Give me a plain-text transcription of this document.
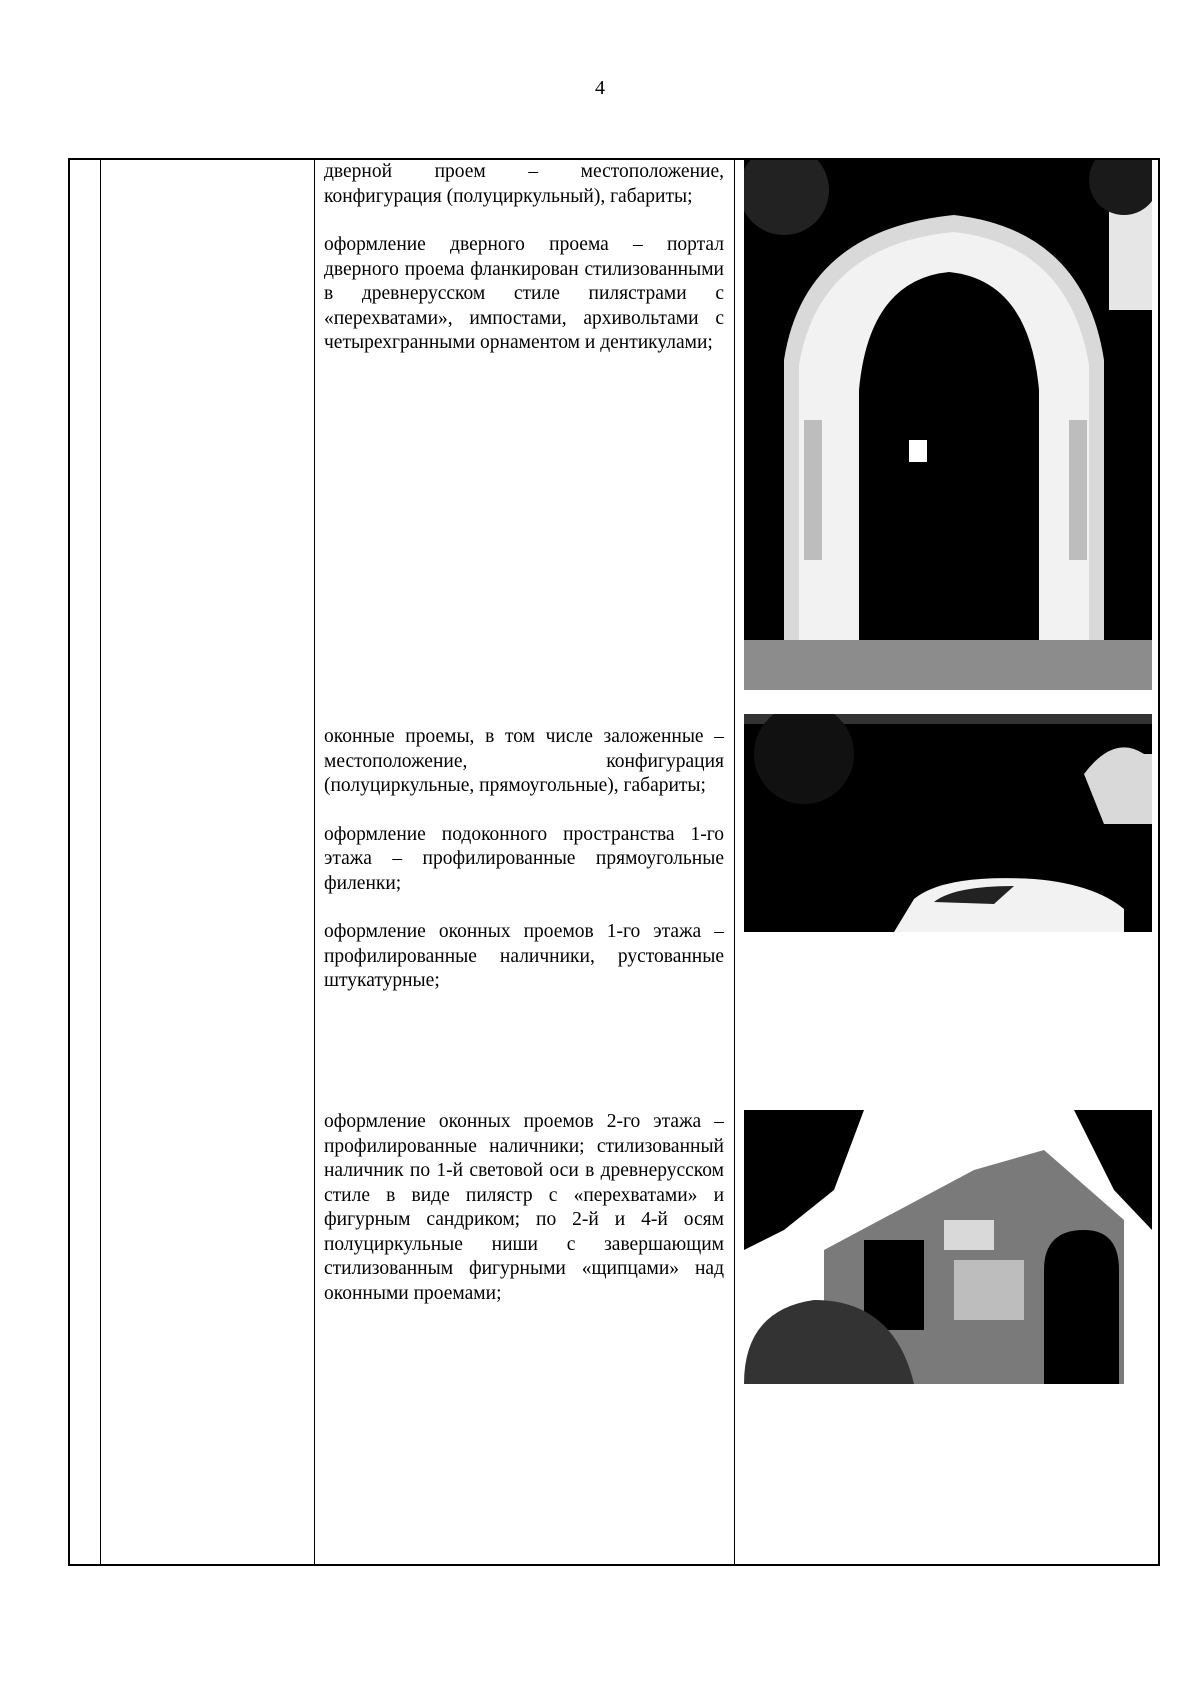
4

дверной проем – местоположение, конфигурация (полуциркульный), габариты;

оформление дверного проема – портал дверного проема фланкирован стилизованными в древнерусском стиле пилястрами с «перехватами», импостами, архивольтами с четырехгранными орнаментом и дентикулами;

оконные проемы, в том числе заложенные – местоположение, конфигурация (полуциркульные, прямоугольные), габариты;

оформление подоконного пространства 1-го этажа – профилированные прямоугольные филенки;

оформление оконных проемов 1-го этажа – профилированные наличники, рустованные штукатурные;

оформление оконных проемов 2-го этажа – профилированные наличники; стилизованный наличник по 1-й световой оси в древнерусском стиле в виде пилястр с «перехватами» и фигурным сандриком; по 2-й и 4-й осям полуциркульные ниши с завершающим стилизованным фигурными «щипцами» над оконными проемами;
